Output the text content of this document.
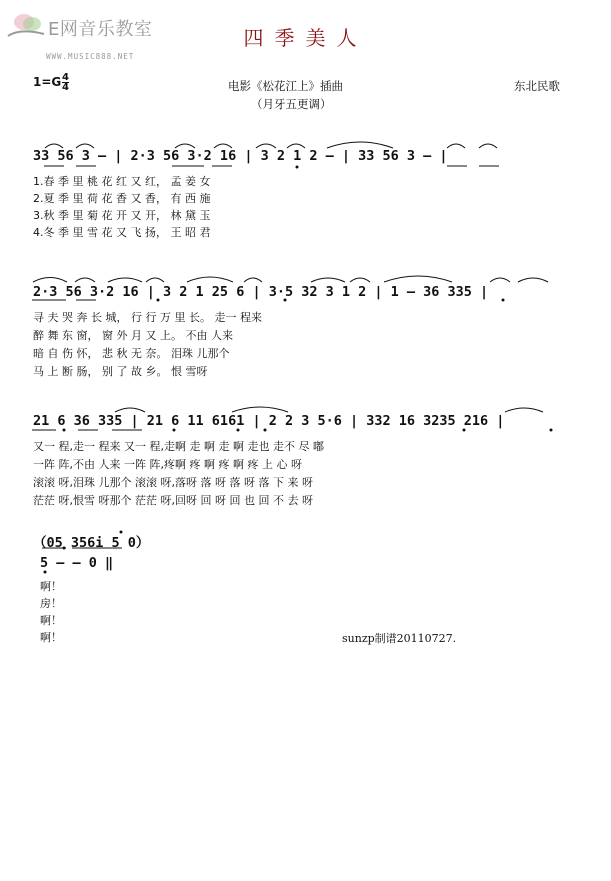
E网音乐教室
WWW.MUSIC888.NET
四季美人
1=G 4
4	电影《松花江上》插曲
（月牙五更调）
东北民歌
33 56 3 – | 2·3 56 3·2 16 | 3 2 1 2 – | 33 56 3 – |
1.春 季 里 桃 花 红 又 红， 孟 姜 女
2.夏 季 里 荷 花 香 又 香， 有 西 施
3.秋 季 里 菊 花 开 又 开， 林 黛 玉
4.冬 季 里 雪 花 又 飞 扬， 王 昭 君
2·3 56 3·2 16 | 3 2 1 25 6 | 3·5 32 3 1 2 | 1 – 36 335 |
寻 夫 哭 奔 长 城， 行 行 万 里 长。 走一 程来
醉 舞 东 窗， 窗 外 月 又 上。 不由 人来
暗 自 伤 怀， 悲 秋 无 奈。 泪珠 儿那个
马 上 断 肠， 别 了 故 乡。 恨 雪呀
21 6 36 335 | 21 6 11 6161 | 2 2 3 5·6 | 332 16 3235 216 |
又一 程,走一 程来 又一 程,走啊 走 啊 走 啊 走也 走不 尽 嘟
一阵 阵,不由 人来 一阵 阵,疼啊 疼 啊 疼 啊 疼 上 心 呀
滚滚 呀,泪珠 儿那个 滚滚 呀,落呀 落 呀 落 呀 落 下 来 呀
茫茫 呀,恨雪 呀那个 茫茫 呀,回呀 回 呀 回 也 回 不 去 呀
（05 356i 5 0）
5 – – 0 ‖
啊！
房！
啊！
啊！	sunzp制谱20110727.
